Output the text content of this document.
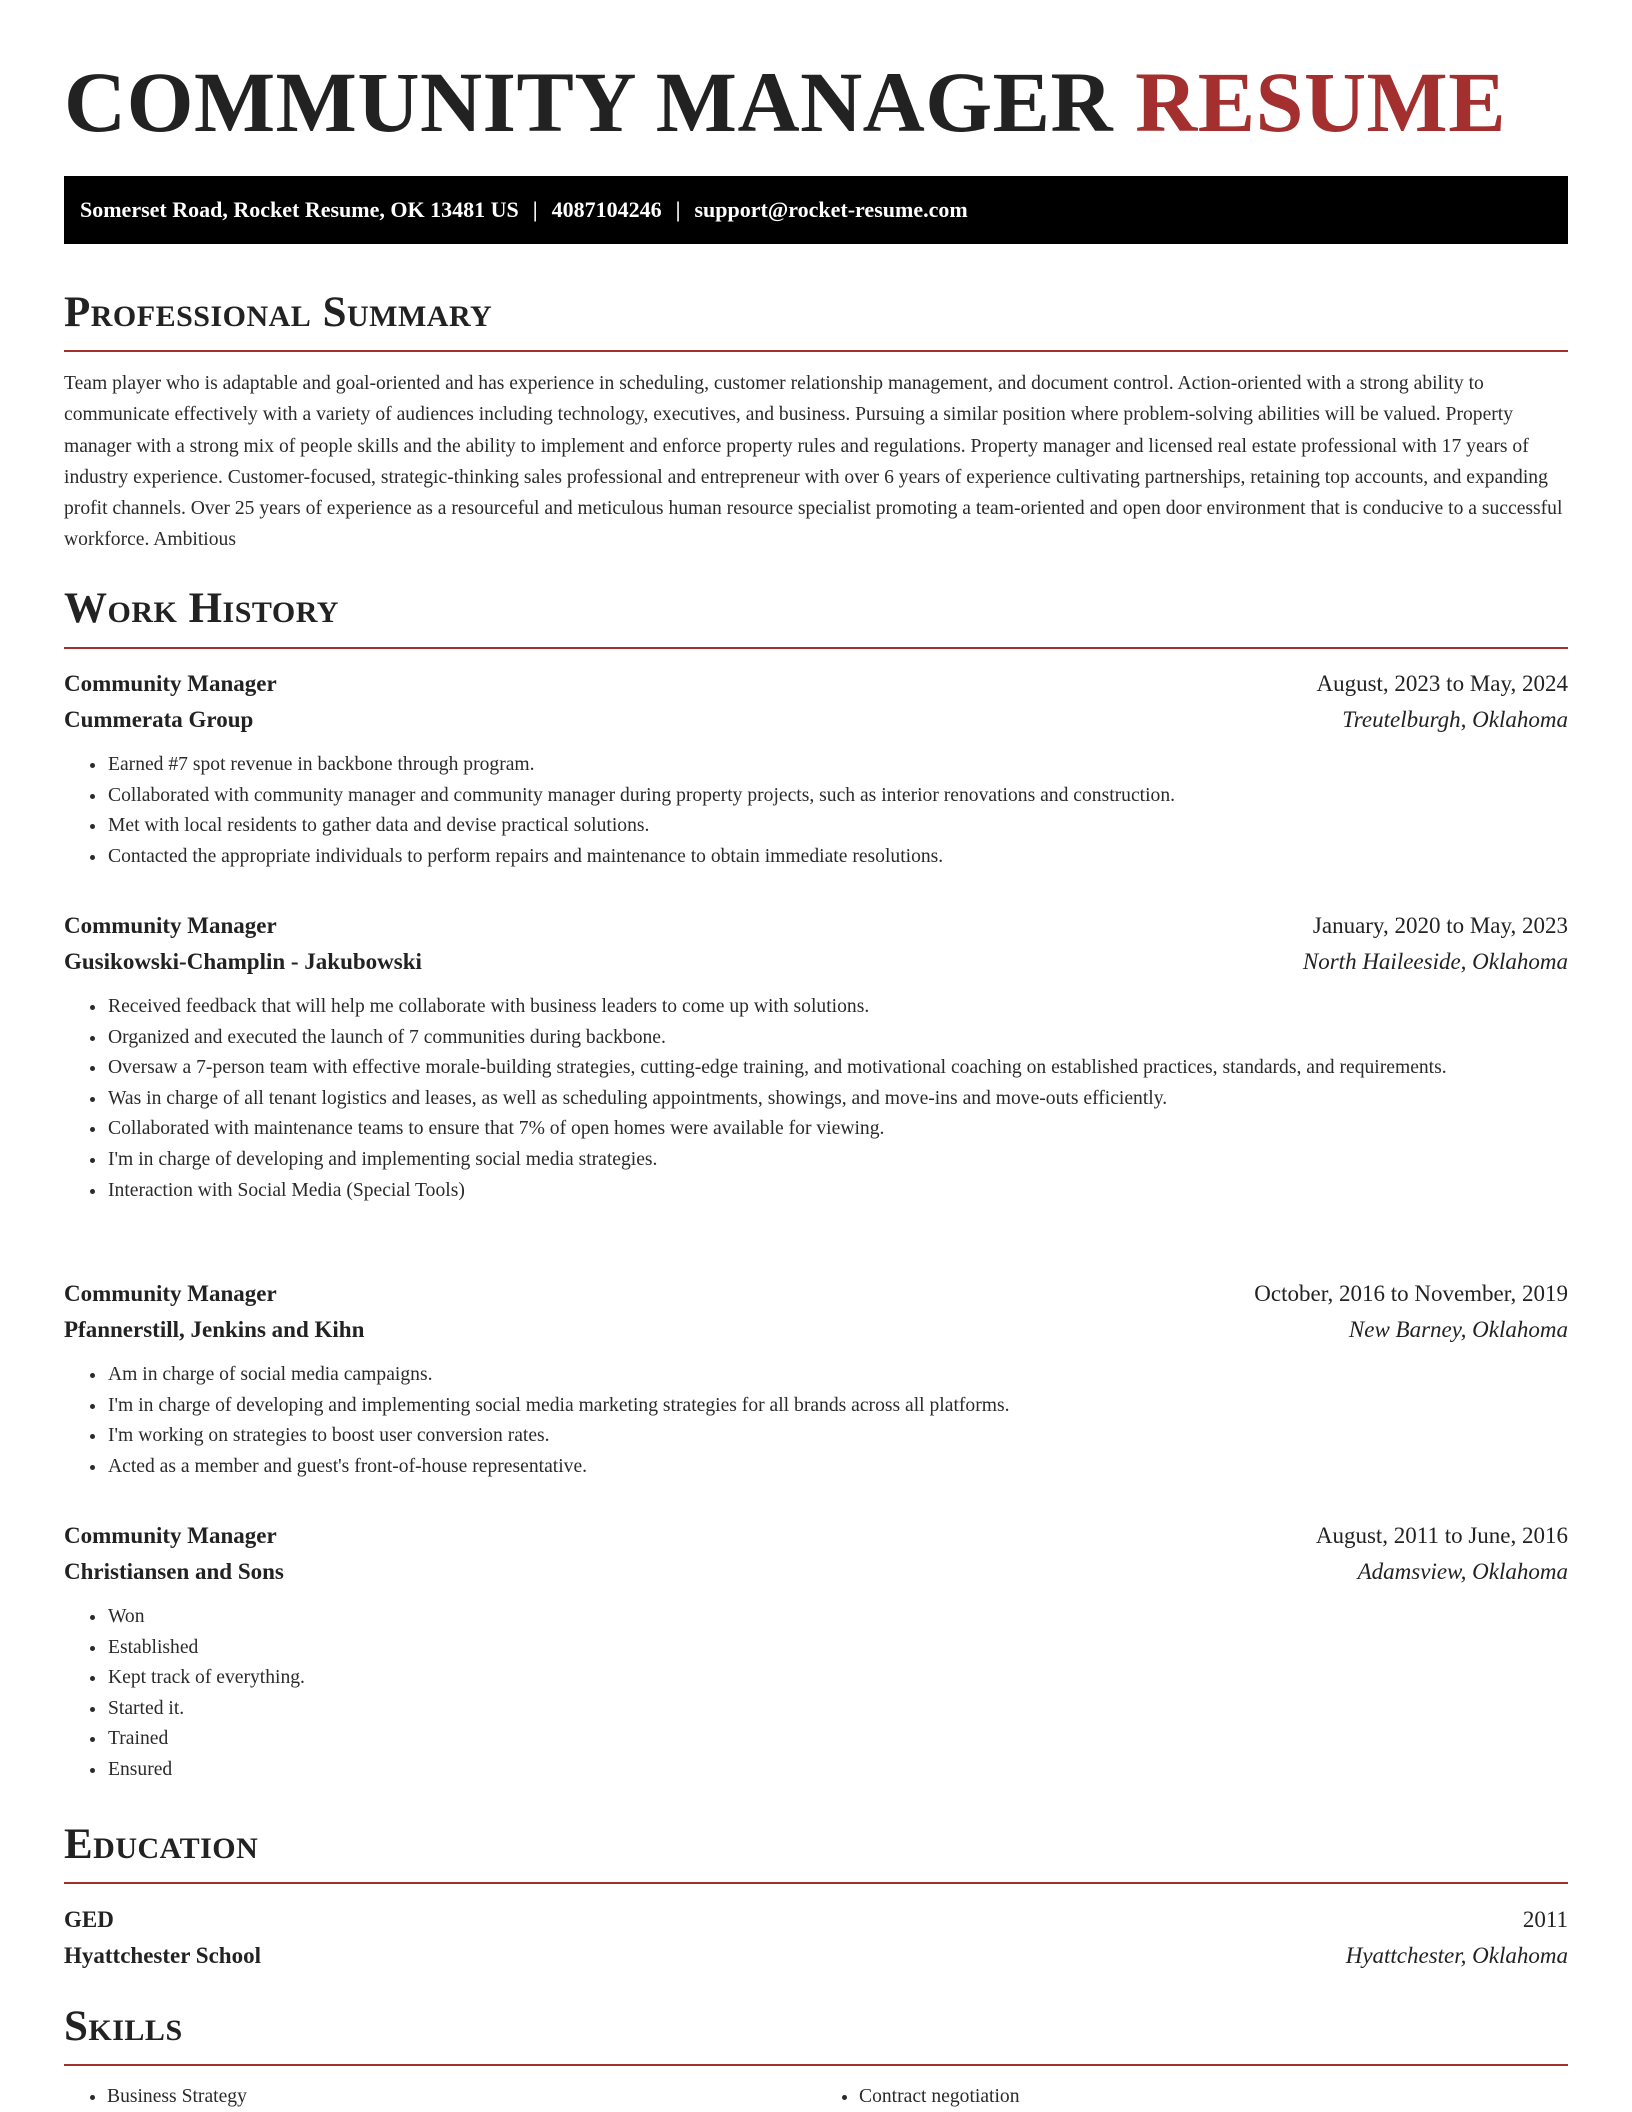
COMMUNITY MANAGER RESUME
Somerset Road, Rocket Resume, OK 13481 US | 4087104246 | support@rocket-resume.com
Professional Summary

Team player who is adaptable and goal-oriented and has experience in scheduling, customer relationship management, and document control. Action-oriented with a strong ability to communicate effectively with a variety of audiences including technology, executives, and business. Pursuing a similar position where problem-solving abilities will be valued. Property manager with a strong mix of people skills and the ability to implement and enforce property rules and regulations. Property manager and licensed real estate professional with 17 years of industry experience. Customer-focused, strategic-thinking sales professional and entrepreneur with over 6 years of experience cultivating partnerships, retaining top accounts, and expanding profit channels. Over 25 years of experience as a resourceful and meticulous human resource specialist promoting a team-oriented and open door environment that is conducive to a successful workforce. Ambitious

Work History
Community Manager	August, 2023 to May, 2024
Cummerata Group	Treutelburgh, Oklahoma
• Earned #7 spot revenue in backbone through program.
• Collaborated with community manager and community manager during property projects, such as interior renovations and construction.
• Met with local residents to gather data and devise practical solutions.
• Contacted the appropriate individuals to perform repairs and maintenance to obtain immediate resolutions.
Community Manager	January, 2020 to May, 2023
Gusikowski-Champlin - Jakubowski	North Haileeside, Oklahoma
• Received feedback that will help me collaborate with business leaders to come up with solutions.
• Organized and executed the launch of 7 communities during backbone.
• Oversaw a 7-person team with effective morale-building strategies, cutting-edge training, and motivational coaching on established practices, standards, and requirements.
• Was in charge of all tenant logistics and leases, as well as scheduling appointments, showings, and move-ins and move-outs efficiently.
• Collaborated with maintenance teams to ensure that 7% of open homes were available for viewing.
• I'm in charge of developing and implementing social media strategies.
• Interaction with Social Media (Special Tools)
Community Manager	October, 2016 to November, 2019
Pfannerstill, Jenkins and Kihn	New Barney, Oklahoma
• Am in charge of social media campaigns.
• I'm in charge of developing and implementing social media marketing strategies for all brands across all platforms.
• I'm working on strategies to boost user conversion rates.
• Acted as a member and guest's front-of-house representative.
Community Manager	August, 2011 to June, 2016
Christiansen and Sons	Adamsview, Oklahoma
• Won
• Established
• Kept track of everything.
• Started it.
• Trained
• Ensured
Education
GED	2011
Hyattchester School	Hyattchester, Oklahoma
Skills
• Business Strategy
•	Contract negotiation
